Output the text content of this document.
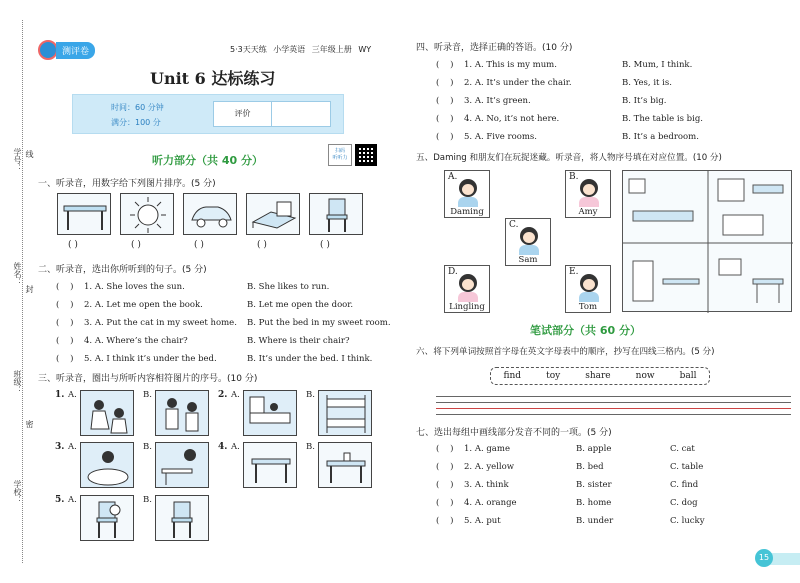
学号：
姓名：
班级：
学校：
线
封
密
测评卷	5·3天天练 小学英语 三年级上册 WY
Unit 6 达标练习
时间：60 分钟
满分：100 分
评价
听力部分（共 40 分）
扫码
听听力
一、听录音，用数字给下列图片排序。(5 分)
( )	( )	( )	( )	( )
二、听录音，选出你所听到的句子。(5 分)
(    ) 1. A. She loves the sun.	B. She likes to run.
(    ) 2. A. Let me open the book.	B. Let me open the door.
(    ) 3. A. Put the cat in my sweet home. B. Put the bed in my sweet room.
(    ) 4. A. Where’s the chair?	B. Where is their chair?
(    ) 5. A. I think it’s under the bed.	B. It’s under the bed. I think.
三、听录音，圈出与所听内容相符图片的序号。(10 分)
1. A.	B.	2. A.	B.
3. A.	B.	4. A.	B.
5. A.	B.
四、听录音，选择正确的答语。(10 分)
(    ) 1. A. This is my mum.	B. Mum, I think.
(    ) 2. A. It’s under the chair.	B. Yes, it is.
(    ) 3. A. It’s green.	B. It’s big.
(    ) 4. A. No, it’s not here.	B. The table is big.
(    ) 5. A. Five rooms.	B. It’s a bedroom.
五、Daming 和朋友们在玩捉迷藏。听录音，将人物序号填在对应位置。(10 分)
A.
Daming
B.
Amy
C.
Sam
D.
Lingling
E.
Tom
笔试部分（共 60 分）
六、将下列单词按照首字母在英文字母表中的顺序，抄写在四线三格内。(5 分)
find	toy	share	now	ball
七、选出每组中画线部分发音不同的一项。(5 分)
(    ) 1. A. game	B. apple	C. cat
(    ) 2. A. yellow	B. bed	C. table
(    ) 3. A. think	B. sister	C. find
(    ) 4. A. orange	B. home	C. dog
(    ) 5. A. put	B. under	C. lucky
15
